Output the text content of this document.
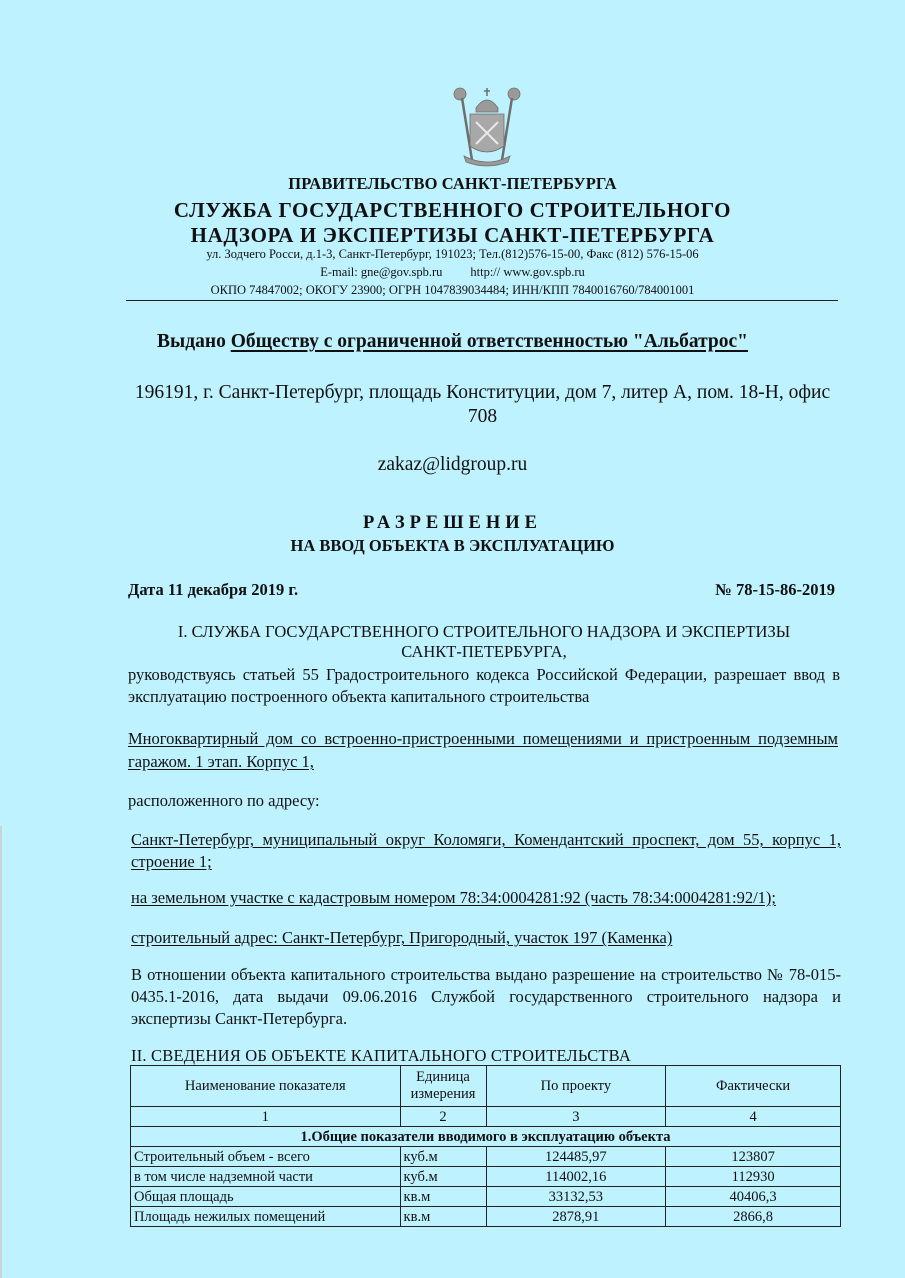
ПРАВИТЕЛЬСТВО САНКТ-ПЕТЕРБУРГА
СЛУЖБА ГОСУДАРСТВЕННОГО СТРОИТЕЛЬНОГО
НАДЗОРА И ЭКСПЕРТИЗЫ САНКТ-ПЕТЕРБУРГА
ул. Зодчего Росси, д.1-3, Санкт-Петербург, 191023; Тел.(812)576-15-00, Факс (812) 576-15-06
E-mail: gne@gov.spb.ru http:// www.gov.spb.ru
ОКПО 74847002; ОКОГУ 23900; ОГРН 1047839034484; ИНН/КПП 7840016760/784001001
Выдано Обществу с ограниченной ответственностью "Альбатрос"
196191, г. Санкт-Петербург, площадь Конституции, дом 7, литер А, пом. 18-Н, офис 708
zakaz@lidgroup.ru
РАЗРЕШЕНИЕ
НА ВВОД ОБЪЕКТА В ЭКСПЛУАТАЦИЮ
Дата 11 декабря 2019 г.	№ 78-15-86-2019
I. СЛУЖБА ГОСУДАРСТВЕННОГО СТРОИТЕЛЬНОГО НАДЗОРА И ЭКСПЕРТИЗЫ
САНКТ-ПЕТЕРБУРГА,
руководствуясь статьей 55 Градостроительного кодекса Российской Федерации, разрешает ввод в эксплуатацию построенного объекта капитального строительства
Многоквартирный дом со встроенно-пристроенными помещениями и пристроенным подземным гаражом. 1 этап. Корпус 1,
расположенного по адресу:
Санкт-Петербург, муниципальный округ Коломяги, Комендантский проспект, дом 55, корпус 1, строение 1;
на земельном участке с кадастровым номером 78:34:0004281:92 (часть 78:34:0004281:92/1);
строительный адрес: Санкт-Петербург, Пригородный, участок 197 (Каменка)
В отношении объекта капитального строительства выдано разрешение на строительство № 78-015-0435.1-2016, дата выдачи 09.06.2016 Службой государственного строительного надзора и экспертизы Санкт-Петербурга.
II. СВЕДЕНИЯ ОБ ОБЪЕКТЕ КАПИТАЛЬНОГО СТРОИТЕЛЬСТВА
Наименование показателя	Единица измерения	По проекту	Фактически
1	2	3	4
1.Общие показатели вводимого в эксплуатацию объекта			
Строительный объем - всего	куб.м	124485,97	123807
в том числе надземной части	куб.м	114002,16	112930
Общая площадь	кв.м	33132,53	40406,3
Площадь нежилых помещений	кв.м	2878,91	2866,8
